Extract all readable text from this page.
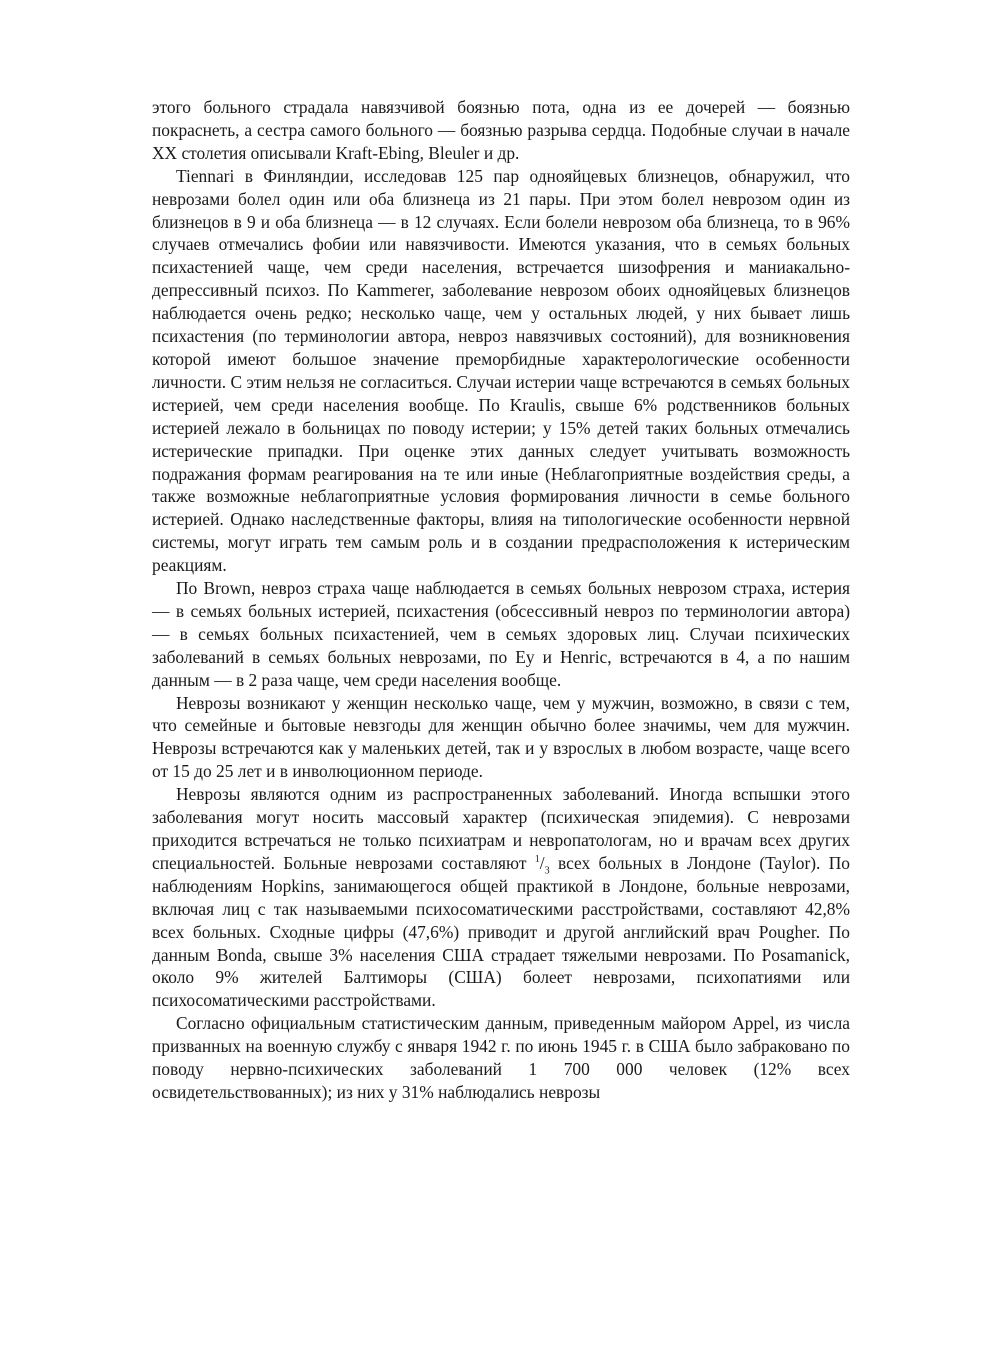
этого больного страдала навязчивой боязнью пота, одна из ее дочерей — боязнью покраснеть, а сестра самого больного — боязнью разрыва сердца. Подобные случаи в начале XX столетия описывали Kraft-Ebing, Bleuler и др.

Tiennari в Финляндии, исследовав 125 пар однояйцевых близнецов, обнаружил, что неврозами болел один или оба близнеца из 21 пары. При этом болел неврозом один из близнецов в 9 и оба близнеца — в 12 случаях. Если болели неврозом оба близнеца, то в 96% случаев отмечались фобии или навязчивости. Имеются указания, что в семьях больных психастенией чаще, чем среди населения, встречается шизофрения и маниакально-депрессивный психоз. По Kammerer, заболевание неврозом обоих однояйцевых близнецов наблюдается очень редко; несколько чаще, чем у остальных людей, у них бывает лишь психастения (по терминологии автора, невроз навязчивых состояний), для возникновения которой имеют большое значение преморбидные характерологические особенности личности. С этим нельзя не согласиться. Случаи истерии чаще встречаются в семьях больных истерией, чем среди населения вообще. По Kraulis, свыше 6% родственников больных истерией лежало в больницах по поводу истерии; у 15% детей таких больных отмечались истерические припадки. При оценке этих данных следует учитывать возможность подражания формам реагирования на те или иные (Неблагоприятные воздействия среды, а также возможные неблагоприятные условия формирования личности в семье больного истерией. Однако наследственные факторы, влияя на типологические особенности нервной системы, могут играть тем самым роль и в создании предрасположения к истерическим реакциям.

По Brown, невроз страха чаще наблюдается в семьях больных неврозом страха, истерия — в семьях больных истерией, психастения (обсессивный невроз по терминологии автора) — в семьях больных психастенией, чем в семьях здоровых лиц. Случаи психических заболеваний в семьях больных неврозами, по Еу и Henric, встречаются в 4, а по нашим данным — в 2 раза чаще, чем среди населения вообще.

Неврозы возникают у женщин несколько чаще, чем у мужчин, возможно, в связи с тем, что семейные и бытовые невзгоды для женщин обычно более значимы, чем для мужчин. Неврозы встречаются как у маленьких детей, так и у взрослых в любом возрасте, чаще всего от 15 до 25 лет и в инволюционном периоде.

Неврозы являются одним из распространенных заболеваний. Иногда вспышки этого заболевания могут носить массовый характер (психическая эпидемия). С неврозами приходится встречаться не только психиатрам и невропатологам, но и врачам всех других специальностей. Больные неврозами составляют $^1/_3$ всех больных в Лондоне (Taylor). По наблюдениям Hopkins, занимающегося общей практикой в Лондоне, больные неврозами, включая лиц с так называемыми психосоматическими расстройствами, составляют 42,8% всех больных. Сходные цифры (47,6%) приводит и другой английский врач Pougher. По данным Bonda, свыше 3% населения США страдает тяжелыми неврозами. По Posamanick, около 9% жителей Балтиморы (США) болеет неврозами, психопатиями или психосоматическими расстройствами.

Согласно официальным статистическим данным, приведенным майором Appel, из числа призванных на военную службу с января 1942 г. по июнь 1945 г. в США было забраковано по поводу нервно-психических заболеваний 1 700 000 человек (12% всех освидетельствованных); из них у 31% наблюдались неврозы
